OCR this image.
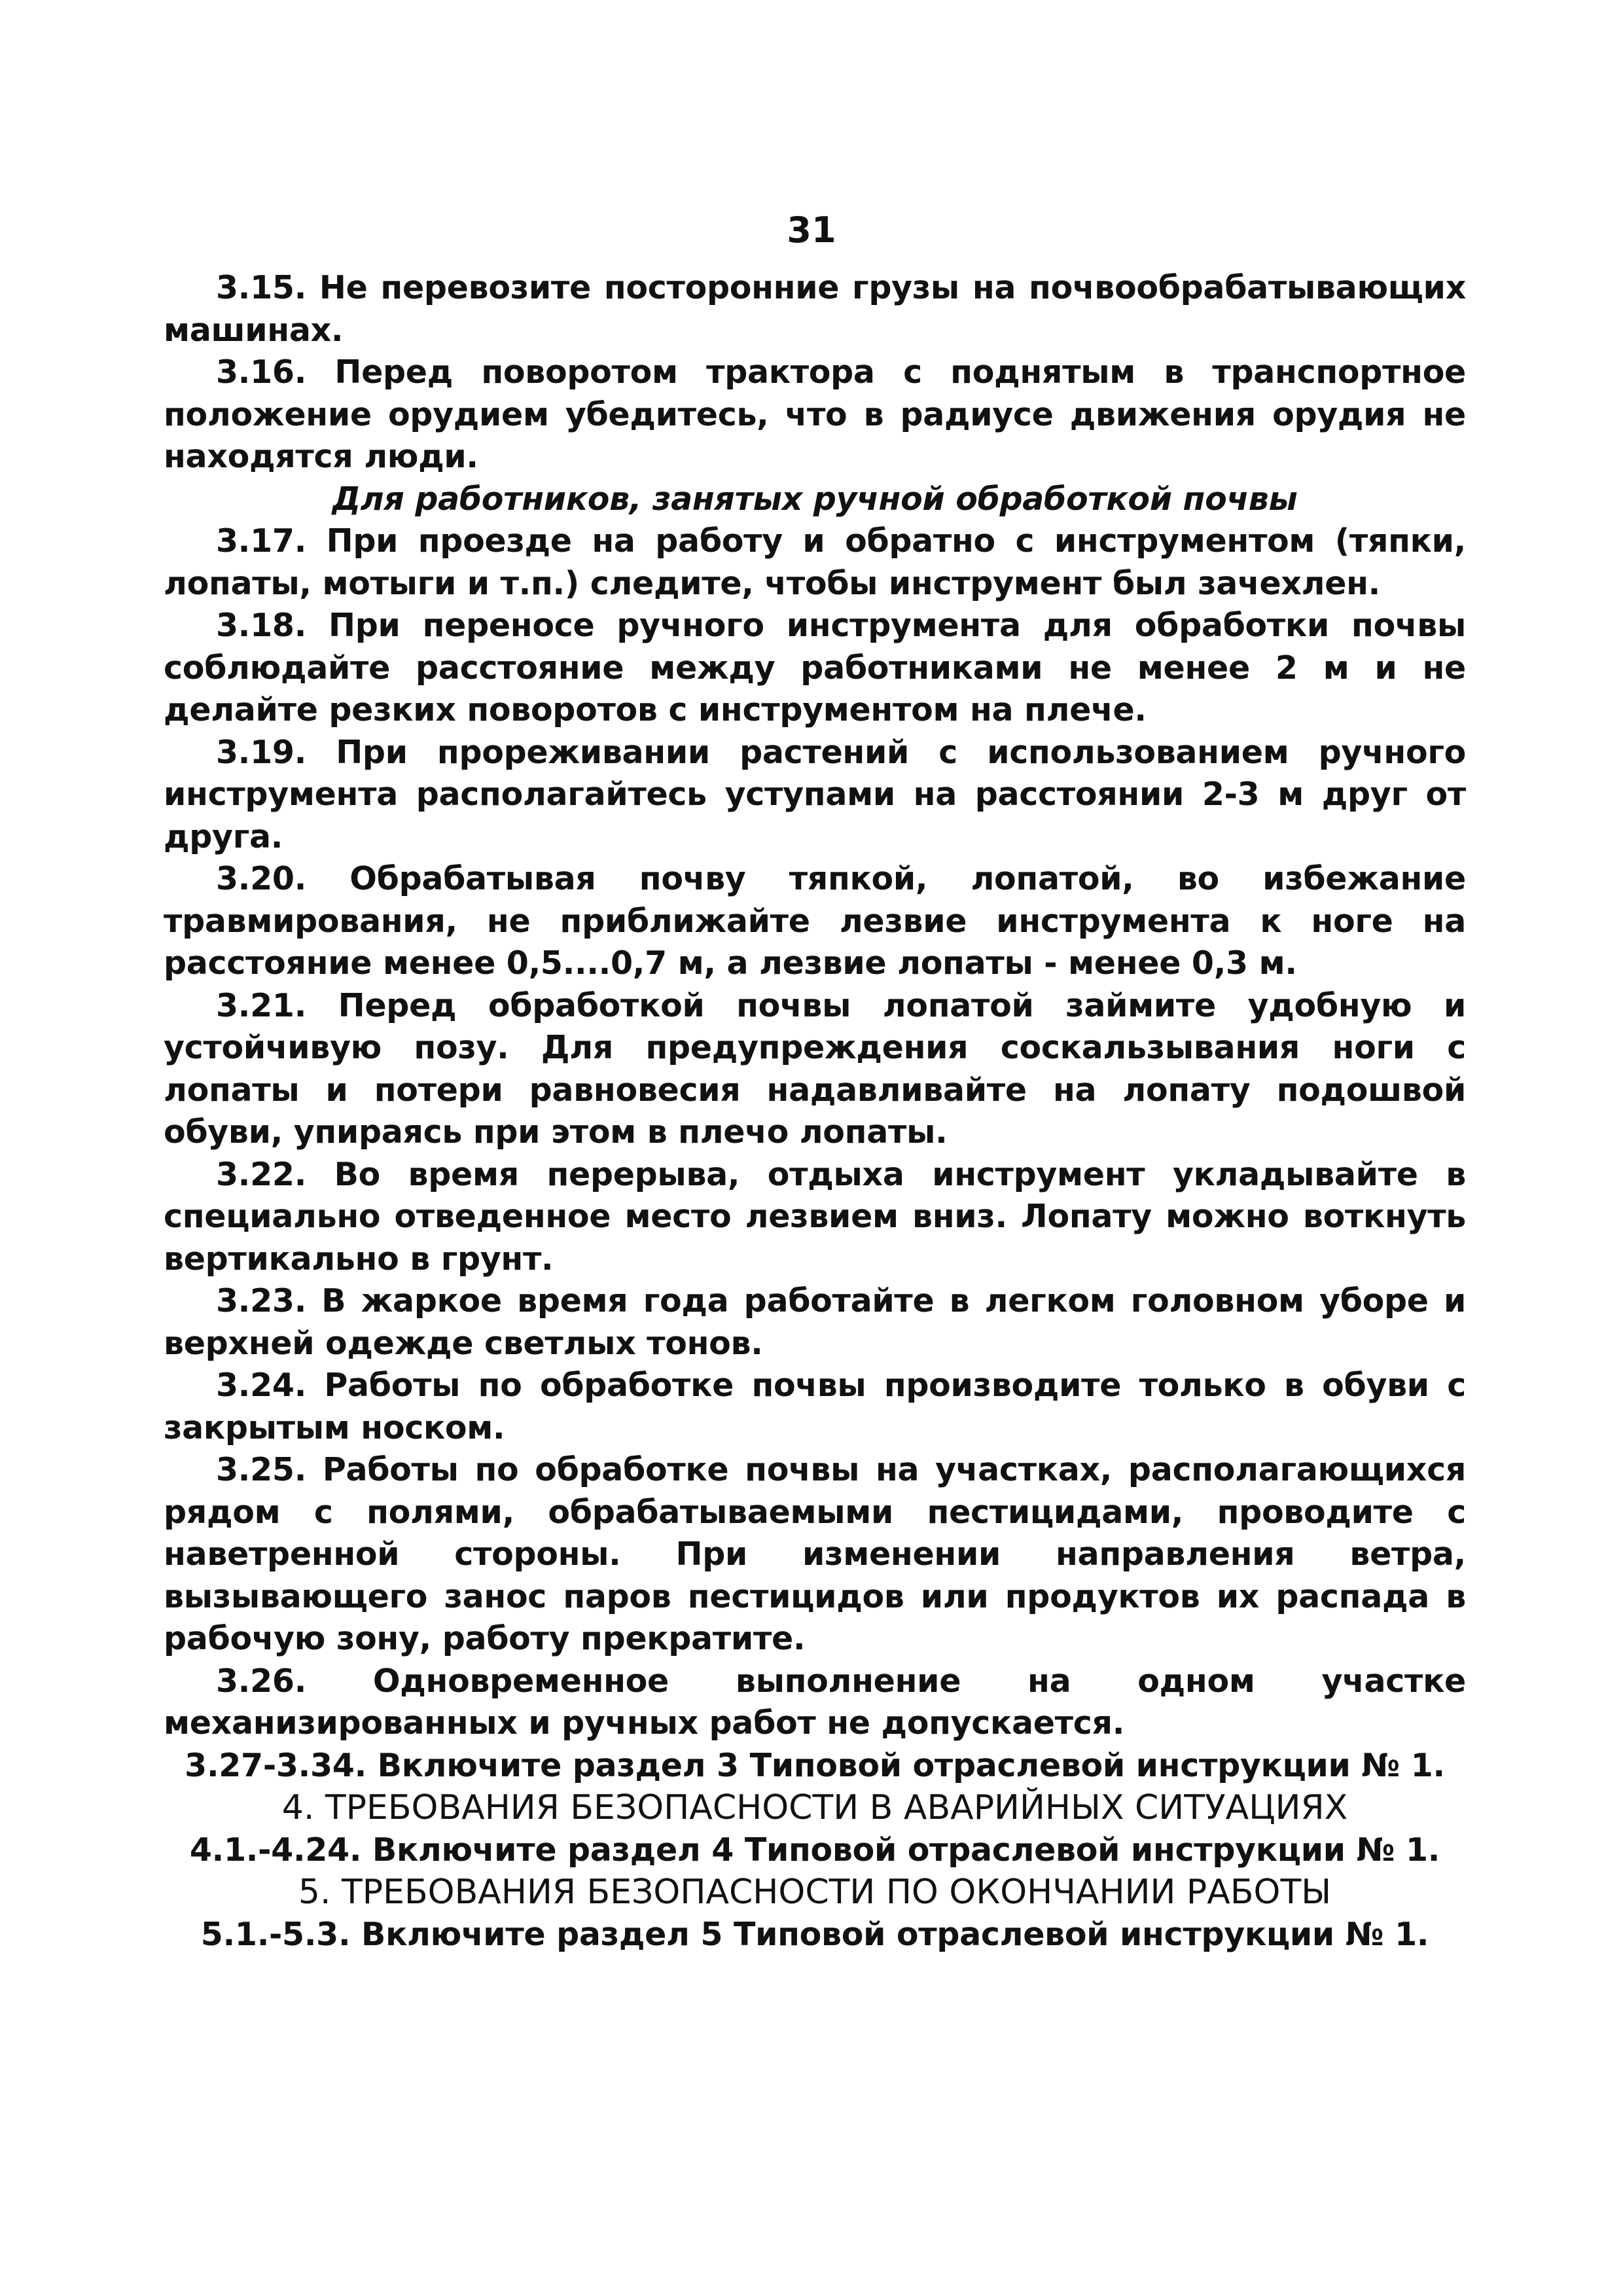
31

3.15. Не перевозите посторонние грузы на почвообрабатывающих машинах.

3.16. Перед поворотом трактора с поднятым в транспортное положение орудием убедитесь, что в радиусе движения орудия не находятся люди.

Для работников, занятых ручной обработкой почвы

3.17. При проезде на работу и обратно с инструментом (тяпки, лопаты, мотыги и т.п.) следите, чтобы инструмент был зачехлен.

3.18. При переносе ручного инструмента для обработки почвы соблюдайте расстояние между работниками не менее 2 м и не делайте резких поворотов с инструментом на плече.

3.19. При прореживании растений с использованием ручного инструмента располагайтесь уступами на расстоянии 2-3 м друг от друга.

3.20. Обрабатывая почву тяпкой, лопатой, во избежание травмирования, не приближайте лезвие инструмента к ноге на расстояние менее 0,5....0,7 м, а лезвие лопаты - менее 0,3 м.

3.21. Перед обработкой почвы лопатой займите удобную и устойчивую позу. Для предупреждения соскальзывания ноги с лопаты и потери равновесия надавливайте на лопату подошвой обуви, упираясь при этом в плечо лопаты.

3.22. Во время перерыва, отдыха инструмент укладывайте в специально отведенное место лезвием вниз. Лопату можно воткнуть вертикально в грунт.

3.23. В жаркое время года работайте в легком головном уборе и верхней одежде светлых тонов.

3.24. Работы по обработке почвы производите только в обуви с закрытым носком.

3.25. Работы по обработке почвы на участках, располагающихся рядом с полями, обрабатываемыми пестицидами, проводите с наветренной стороны. При изменении направления ветра, вызывающего занос паров пестицидов или продуктов их распада в рабочую зону, работу прекратите.

3.26. Одновременное выполнение на одном участке механизированных и ручных работ не допускается.

3.27-3.34. Включите раздел 3 Типовой отраслевой инструкции № 1.

4. ТРЕБОВАНИЯ БЕЗОПАСНОСТИ В АВАРИЙНЫХ СИТУАЦИЯХ

4.1.-4.24. Включите раздел 4 Типовой отраслевой инструкции № 1.

5. ТРЕБОВАНИЯ БЕЗОПАСНОСТИ ПО ОКОНЧАНИИ РАБОТЫ

5.1.-5.3. Включите раздел 5 Типовой отраслевой инструкции № 1.
